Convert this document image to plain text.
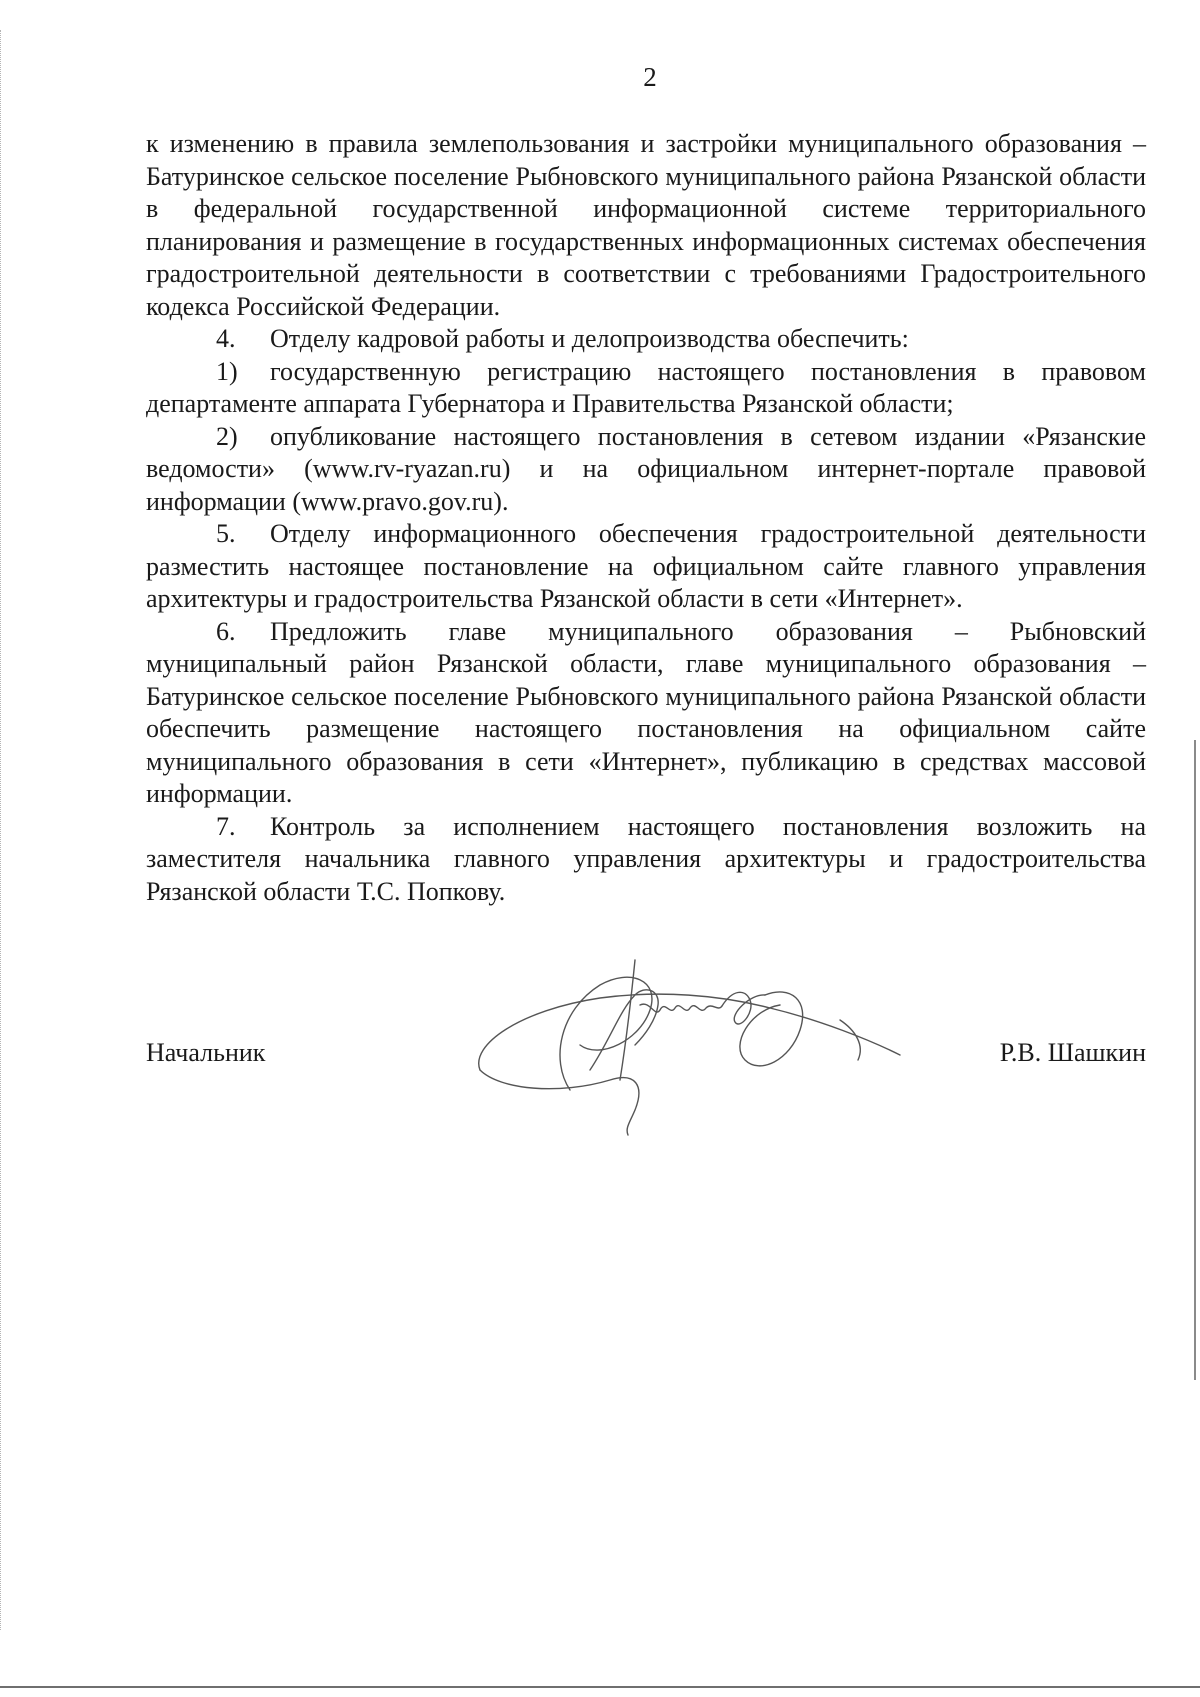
2

к изменению в правила землепользования и застройки муниципального образования – Батуринское сельское поселение Рыбновского муниципального района Рязанской области в федеральной государственной информационной системе территориального планирования и размещение в государственных информационных системах обеспечения градостроительной деятельности в соответствии с требованиями Градостроительного кодекса Российской Федерации.

4. Отделу кадровой работы и делопроизводства обеспечить:

1) государственную регистрацию настоящего постановления в правовом департаменте аппарата Губернатора и Правительства Рязанской области;

2) опубликование настоящего постановления в сетевом издании «Рязанские ведомости» (www.rv-ryazan.ru) и на официальном интернет-портале правовой информации (www.pravo.gov.ru).

5. Отделу информационного обеспечения градостроительной деятельности разместить настоящее постановление на официальном сайте главного управления архитектуры и градостроительства Рязанской области в сети «Интернет».

6. Предложить главе муниципального образования – Рыбновский муниципальный район Рязанской области, главе муниципального образования – Батуринское сельское поселение Рыбновского муниципального района Рязанской области обеспечить размещение настоящего постановления на официальном сайте муниципального образования в сети «Интернет», публикацию в средствах массовой информации.

7. Контроль за исполнением настоящего постановления возложить на заместителя начальника главного управления архитектуры и градостроительства Рязанской области Т.С. Попкову.

Начальник	Р.В. Шашкин
